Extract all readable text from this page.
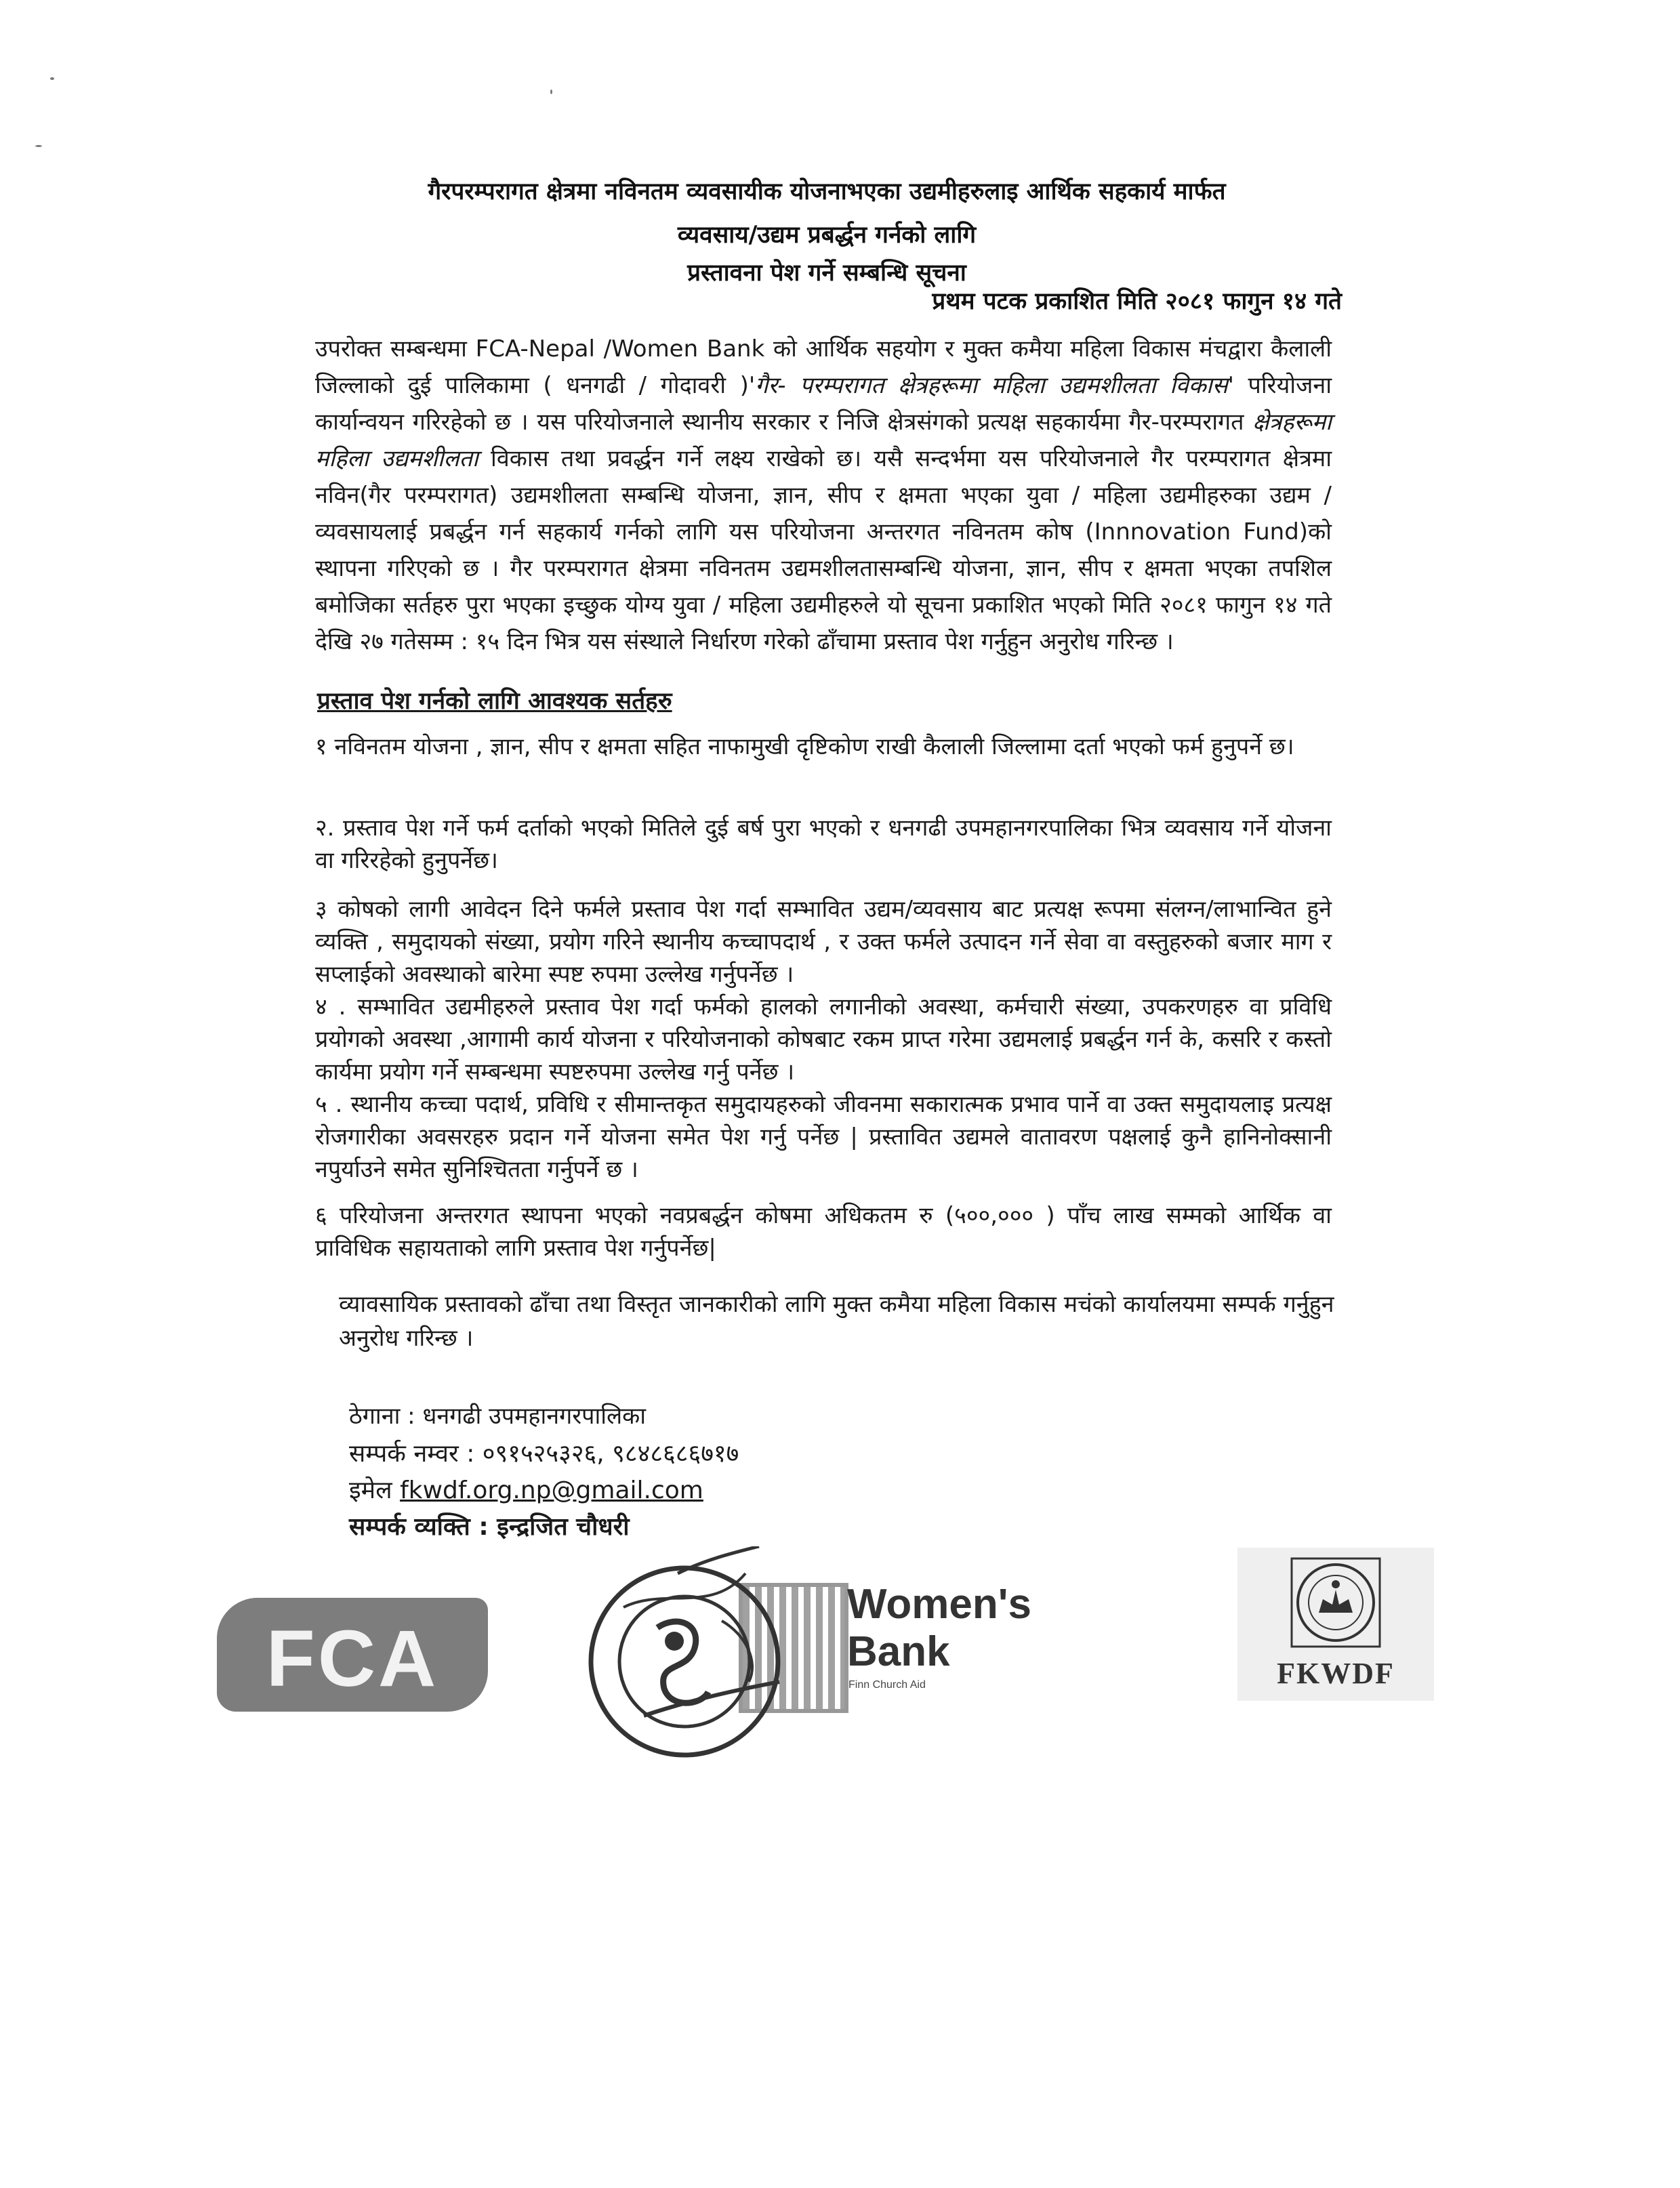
गैरपरम्परागत क्षेत्रमा नविनतम व्यवसायीक योजनाभएका उद्यमीहरुलाइ आर्थिक सहकार्य मार्फत
व्यवसाय/उद्यम प्रबर्द्धन गर्नको लागि
प्रस्तावना पेश गर्ने सम्बन्धि सूचना
प्रथम पटक प्रकाशित मिति २०८१ फागुन १४ गते
उपरोक्त सम्बन्धमा FCA-Nepal /Women Bank को आर्थिक सहयोग र मुक्त कमैया महिला विकास मंचद्वारा कैलाली जिल्लाको दुई पालिकामा ( धनगढी / गोदावरी )'गैर- परम्परागत क्षेत्रहरूमा महिला उद्यमशीलता विकास' परियोजना कार्यान्वयन गरिरहेको छ । यस परियोजनाले स्थानीय सरकार र निजि क्षेत्रसंगको प्रत्यक्ष सहकार्यमा गैर-परम्परागत क्षेत्रहरूमा महिला उद्यमशीलता विकास तथा प्रवर्द्धन गर्ने लक्ष्य राखेको छ। यसै सन्दर्भमा यस परियोजनाले गैर परम्परागत क्षेत्रमा नविन(गैर परम्परागत) उद्यमशीलता सम्बन्धि योजना, ज्ञान, सीप र क्षमता भएका युवा / महिला उद्यमीहरुका उद्यम /व्यवसायलाई प्रबर्द्धन गर्न सहकार्य गर्नको लागि यस परियोजना अन्तरगत नविनतम कोष (Innnovation Fund)को स्थापना गरिएको छ । गैर परम्परागत क्षेत्रमा नविनतम उद्यमशीलतासम्बन्धि योजना, ज्ञान, सीप र क्षमता भएका तपशिल बमोजिका सर्तहरु पुरा भएका इच्छुक योग्य युवा / महिला उद्यमीहरुले यो सूचना प्रकाशित भएको मिति २०८१ फागुन १४ गते देखि २७ गतेसम्म : १५ दिन भित्र यस संस्थाले निर्धारण गरेको ढाँचामा प्रस्ताव पेश गर्नुहुन अनुरोध गरिन्छ ।
प्रस्ताव पेश गर्नको लागि आवश्यक सर्तहरु
१ नविनतम योजना , ज्ञान, सीप र क्षमता सहित नाफामुखी दृष्टिकोण राखी कैलाली जिल्लामा दर्ता भएको फर्म हुनुपर्ने छ।
२. प्रस्ताव पेश गर्ने फर्म दर्ताको भएको मितिले दुई बर्ष पुरा भएको र धनगढी उपमहानगरपालिका भित्र व्यवसाय गर्ने योजना वा गरिरहेको हुनुपर्नेछ।
३ कोषको लागी आवेदन दिने फर्मले प्रस्ताव पेश गर्दा सम्भावित उद्यम/व्यवसाय बाट प्रत्यक्ष रूपमा संलग्न/लाभान्वित हुने व्यक्ति , समुदायको संख्या, प्रयोग गरिने स्थानीय कच्चापदार्थ , र उक्त फर्मले उत्पादन गर्ने सेवा वा वस्तुहरुको बजार माग र सप्लाईको अवस्थाको बारेमा स्पष्ट रुपमा उल्लेख गर्नुपर्नेछ ।
४ . सम्भावित उद्यमीहरुले प्रस्ताव पेश गर्दा फर्मको हालको लगानीको अवस्था, कर्मचारी संख्या, उपकरणहरु वा प्रविधि प्रयोगको अवस्था ,आगामी कार्य योजना र परियोजनाको कोषबाट रकम प्राप्त गरेमा उद्यमलाई प्रबर्द्धन गर्न के, कसरि र कस्तो कार्यमा प्रयोग गर्ने सम्बन्धमा स्पष्टरुपमा उल्लेख गर्नु पर्नेछ ।
५ . स्थानीय कच्चा पदार्थ, प्रविधि र सीमान्तकृत समुदायहरुको जीवनमा सकारात्मक प्रभाव पार्ने वा उक्त समुदायलाइ प्रत्यक्ष रोजगारीका अवसरहरु प्रदान गर्ने योजना समेत पेश गर्नु पर्नेछ | प्रस्तावित उद्यमले वातावरण पक्षलाई कुनै हानिनोक्सानी नपुर्याउने समेत सुनिश्चितता गर्नुपर्ने छ ।
६ परियोजना अन्तरगत स्थापना भएको नवप्रबर्द्धन कोषमा अधिकतम रु (५००,००० ) पाँच लाख सम्मको आर्थिक वा प्राविधिक सहायताको लागि प्रस्ताव पेश गर्नुपर्नेछ|
व्यावसायिक प्रस्तावको ढाँचा तथा विस्तृत जानकारीको लागि मुक्त कमैया महिला विकास मचंको कार्यालयमा सम्पर्क गर्नुहुन अनुरोध गरिन्छ ।
ठेगाना : धनगढी उपमहानगरपालिका
सम्पर्क नम्वर : ०९१५२५३२६, ९८४८६८६७१७
इमेल fkwdf.org.np@gmail.com
सम्पर्क व्यक्ति : इन्द्रजित चौधरी
FCA
Women's
Bank
Finn Church Aid	FKWDF
